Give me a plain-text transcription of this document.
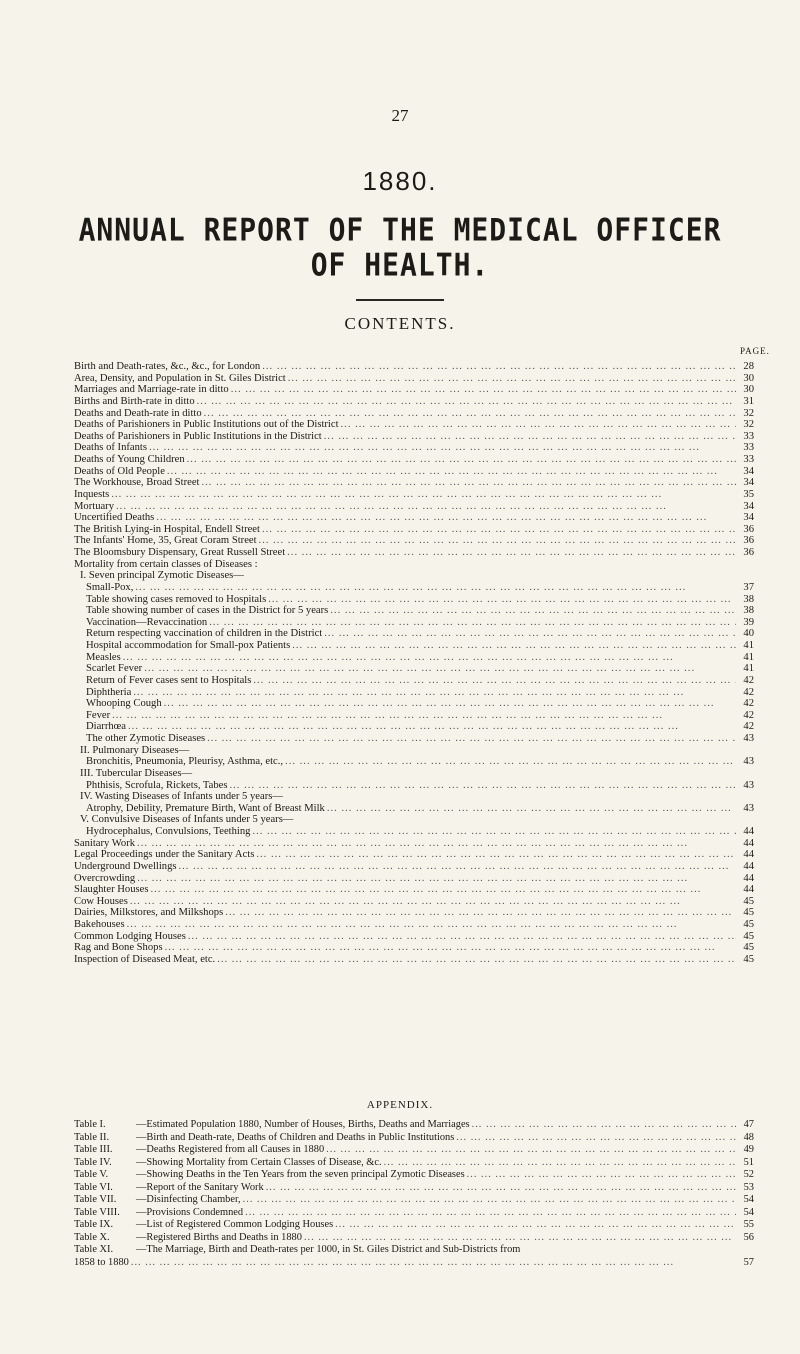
27
1880.
ANNUAL REPORT OF THE MEDICAL OFFICER
OF HEALTH.
CONTENTS.
PAGE.
Birth and Death-rates, &c., &c., for London ... .	28
Area, Density, and Population in St. Giles District ... .	30
Marriages and Marriage-rate in ditto ... .	30
Births and Birth-rate in ditto ... .	31
Deaths and Death-rate in ditto ... .	32
Deaths of Parishioners in Public Institutions out of the District ... .	32
Deaths of Parishioners in Public Institutions in the District ... .	33
Deaths of Infants ... .	33
Deaths of Young Children ... .	33
Deaths of Old People ... .	34
The Workhouse, Broad Street ... .	34
Inquests ... .	35
Mortuary ... .	34
Uncertified Deaths ... .	34
The British Lying-in Hospital, Endell Street ... .	36
The Infants' Home, 35, Great Coram Street ... .	36
The Bloomsbury Dispensary, Great Russell Street ... .	36
Mortality from certain classes of Diseases :
I. Seven principal Zymotic Diseases—
Small-Pox, ... .	37
Table showing cases removed to Hospitals ... .	38
Table showing number of cases in the District for 5 years ... .	38
Vaccination—Revaccination ... .	39
Return respecting vaccination of children in the District ... .	40
Hospital accommodation for Small-pox Patients ... .	41
Measles ... .	41
Scarlet Fever ... .	41
Return of Fever cases sent to Hospitals ... .	42
Diphtheria ... .	42
Whooping Cough ... .	42
Fever ... .	42
Diarrhœa ... .	42
The other Zymotic Diseases ... .	43
II. Pulmonary Diseases—
Bronchitis, Pneumonia, Pleurisy, Asthma, etc., ... .	43
III. Tubercular Diseases—
Phthisis, Scrofula, Rickets, Tabes ... .	43
IV. Wasting Diseases of Infants under 5 years—
Atrophy, Debility, Premature Birth, Want of Breast Milk ... .	43
V. Convulsive Diseases of Infants under 5 years—
Hydrocephalus, Convulsions, Teething ... .	44
Sanitary Work ... .	44
Legal Proceedings under the Sanitary Acts ... .	44
Underground Dwellings ... .	44
Overcrowding ... .	44
Slaughter Houses ... .	44
Cow Houses ... .	45
Dairies, Milkstores, and Milkshops ... .	45
Bakehouses ... .	45
Common Lodging Houses ... .	45
Rag and Bone Shops ... .	45
Inspection of Diseased Meat, etc. ... .	45
APPENDIX.
Table I.	—Estimated Population 1880, Number of Houses, Births, Deaths and Marriages ... .	47
Table II.	—Birth and Death-rate, Deaths of Children and Deaths in Public Institutions ... .	48
Table III. —Deaths Registered from all Causes in 1880 ... .	49
Table IV. —Showing Mortality from Certain Classes of Disease, &c. ... .	51
Table V.	—Showing Deaths in the Ten Years from the seven principal Zymotic Diseases ... .	52
Table VI. —Report of the Sanitary Work ... .	53
Table VII. —Disinfecting Chamber, ... .	54
Table VIII. —Provisions Condemned ... .	54
Table IX. —List of Registered Common Lodging Houses ... .	55
Table X.	—Registered Births and Deaths in 1880 ... .	56
Table XI. —The Marriage, Birth and Death-rates per 1000, in St. Giles District and Sub-Districts from
1858 to 1880 ... .	57
